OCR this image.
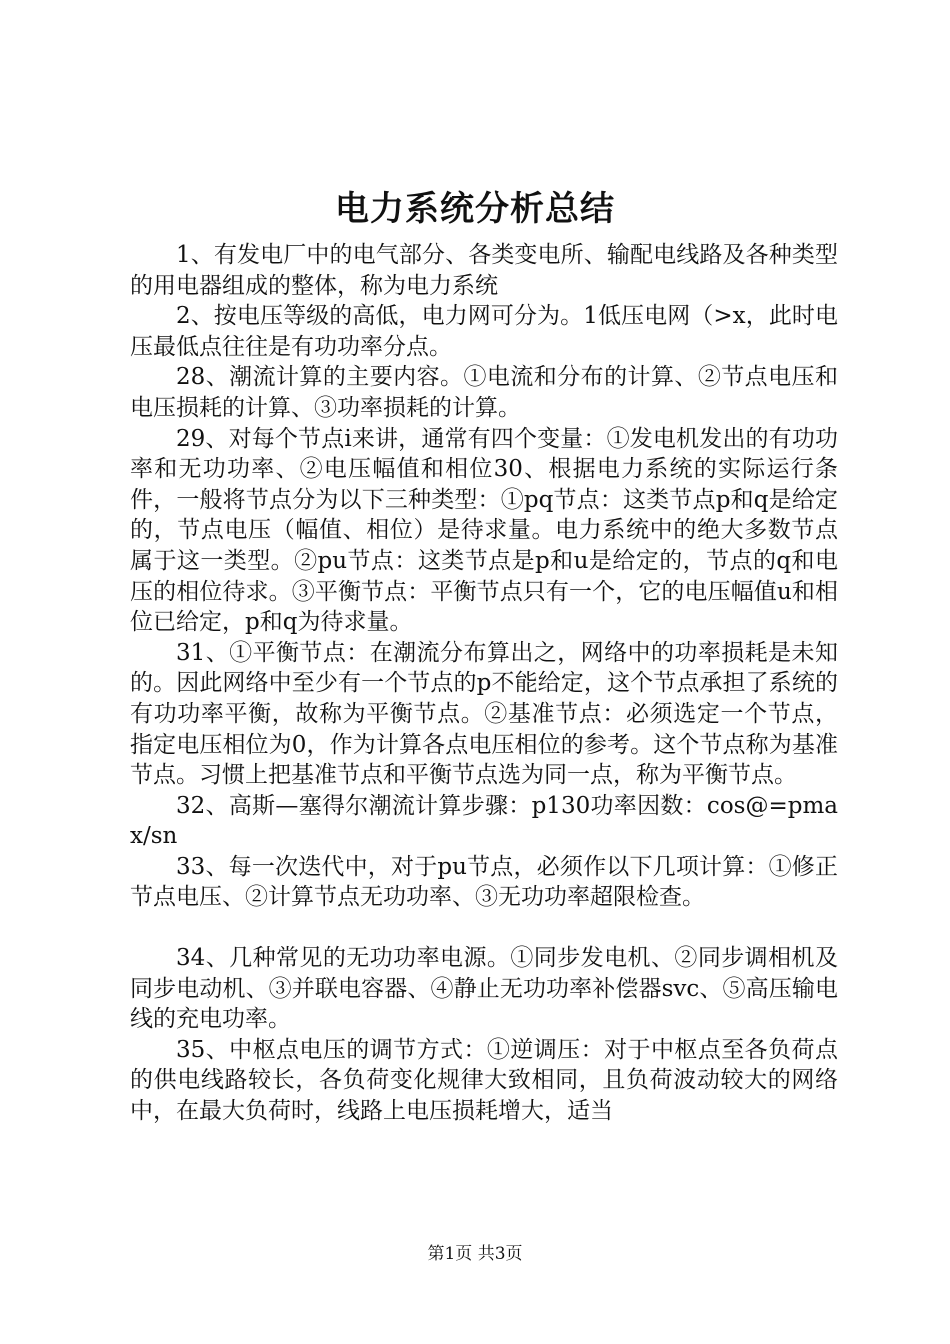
电力系统分析总结

1、有发电厂中的电气部分、各类变电所、输配电线路及各种类型的用电器组成的整体，称为电力系统

2、按电压等级的高低，电力网可分为。1低压电网（>x，此时电压最低点往往是有功功率分点。

28、潮流计算的主要内容。①电流和分布的计算、②节点电压和电压损耗的计算、③功率损耗的计算。

29、对每个节点i来讲，通常有四个变量：①发电机发出的有功功率和无功功率、②电压幅值和相位30、根据电力系统的实际运行条件，一般将节点分为以下三种类型：①pq节点：这类节点p和q是给定的，节点电压（幅值、相位）是待求量。电力系统中的绝大多数节点属于这一类型。②pu节点：这类节点是p和u是给定的，节点的q和电压的相位待求。③平衡节点：平衡节点只有一个，它的电压幅值u和相位已给定，p和q为待求量。

31、①平衡节点：在潮流分布算出之，网络中的功率损耗是未知的。因此网络中至少有一个节点的p不能给定，这个节点承担了系统的有功功率平衡，故称为平衡节点。②基准节点：必须选定一个节点，指定电压相位为0，作为计算各点电压相位的参考。这个节点称为基准节点。习惯上把基准节点和平衡节点选为同一点，称为平衡节点。

32、高斯—塞得尔潮流计算步骤：p130功率因数：cos@=pmax/sn

33、每一次迭代中，对于pu节点，必须作以下几项计算：①修正节点电压、②计算节点无功功率、③无功功率超限检查。

34、几种常见的无功功率电源。①同步发电机、②同步调相机及同步电动机、③并联电容器、④静止无功功率补偿器svc、⑤高压输电线的充电功率。

35、中枢点电压的调节方式：①逆调压：对于中枢点至各负荷点的供电线路较长，各负荷变化规律大致相同，且负荷波动较大的网络中，在最大负荷时，线路上电压损耗增大，适当

第1页 共3页
